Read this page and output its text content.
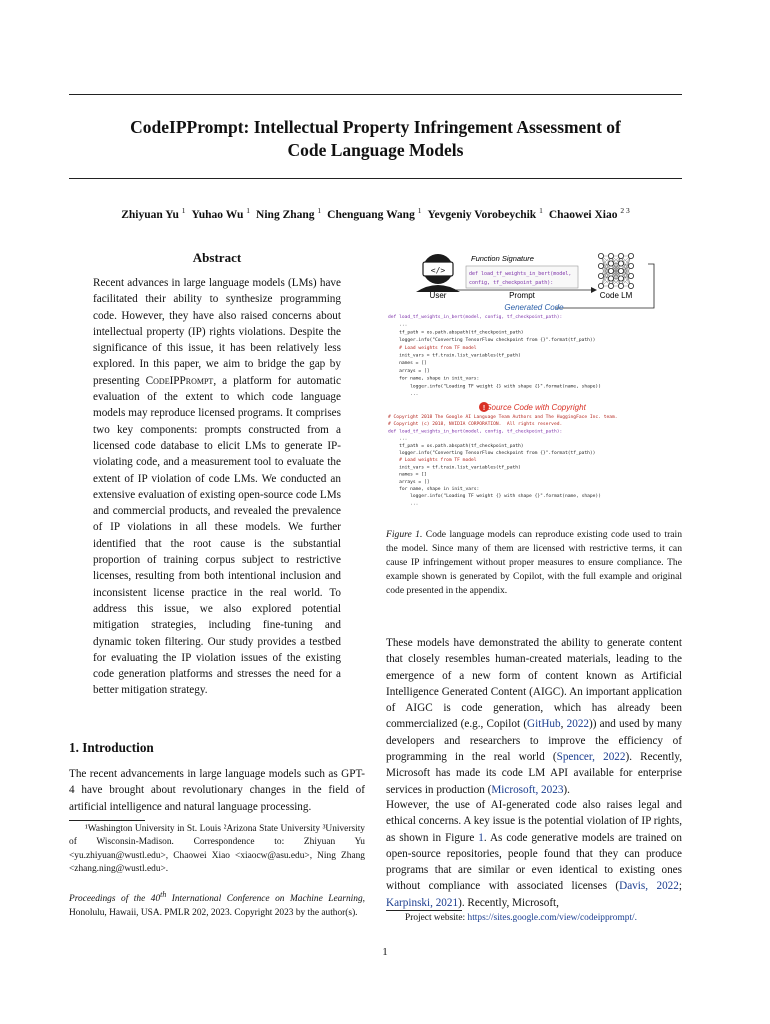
CodeIPPrompt: Intellectual Property Infringement Assessment of
Code Language Models
Zhiyuan Yu $^1$ Yuhao Wu $^1$ Ning Zhang $^1$ Chenguang Wang $^1$ Yevgeniy Vorobeychik $^1$ Chaowei Xiao $^{2 3}$
Abstract
Recent advances in large language models (LMs) have facilitated their ability to synthesize programming code. However, they have also raised concerns about intellectual property (IP) rights violations. Despite the significance of this issue, it has been relatively less explored. In this paper, we aim to bridge the gap by presenting CodeIPPrompt, a platform for automatic evaluation of the extent to which code language models may reproduce licensed programs. It comprises two key components: prompts constructed from a licensed code database to elicit LMs to generate IP-violating code, and a measurement tool to evaluate the extent of IP violation of code LMs. We conducted an extensive evaluation of existing open-source code LMs and commercial products, and revealed the prevalence of IP violations in all these models. We further identified that the root cause is the substantial proportion of training corpus subject to restrictive licenses, resulting from both intentional inclusion and inconsistent license practice in the real world. To address this issue, we also explored potential mitigation strategies, including fine-tuning and dynamic token filtering. Our study provides a testbed for evaluating the IP violation issues of the existing code generation platforms and stresses the need for a better mitigation strategy.
1. Introduction
The recent advancements in large language models such as GPT-4 have brought about revolutionary changes in the field of artificial intelligence and natural language processing.
¹Washington University in St. Louis ²Arizona State University ³University of Wisconsin-Madison. Correspondence to: Zhiyuan Yu <yu.zhiyuan@wustl.edu>, Chaowei Xiao <xiaocw@asu.edu>, Ning Zhang <zhang.ning@wustl.edu>.
Proceedings of the 40th International Conference on Machine Learning, Honolulu, Hawaii, USA. PMLR 202, 2023. Copyright 2023 by the author(s).
</>
User
Function Signature
def load_tf_weights_in_bert(model,
config, tf_checkpoint_path):
Prompt	Code LM
Generated Code
def load_tf_weights_in_bert(model, config, tf_checkpoint_path):
...
tf_path = os.path.abspath(tf_checkpoint_path)
logger.info("Converting TensorFlow checkpoint from {}".format(tf_path))
# Load weights from TF model
init_vars = tf.train.list_variables(tf_path)
names = []
arrays = []
for name, shape in init_vars:
logger.info("Loading TF weight {} with shape {}".format(name, shape))
...
! Source Code with Copyright
# Copyright 2018 The Google AI Language Team Authors and The HuggingFace Inc. team.
# Copyright (c) 2018, NVIDIA CORPORATION.  All rights reserved.
def load_tf_weights_in_bert(model, config, tf_checkpoint_path):
...
tf_path = os.path.abspath(tf_checkpoint_path)
logger.info("Converting TensorFlow checkpoint from {}".format(tf_path))
# Load weights from TF model
init_vars = tf.train.list_variables(tf_path)
names = []
arrays = []
for name, shape in init_vars:
logger.info("Loading TF weight {} with shape {}".format(name, shape))
...
Figure 1. Code language models can reproduce existing code used to train the model. Since many of them are licensed with restrictive terms, it can cause IP infringement without proper measures to ensure compliance. The example shown is generated by Copilot, with the full example and original code presented in the appendix.
These models have demonstrated the ability to generate content that closely resembles human-created materials, leading to the emergence of a new form of content known as Artificial Intelligence Generated Content (AIGC). An important application of AIGC is code generation, which has already been commercialized (e.g., Copilot (GitHub, 2022)) and used by many developers and researchers to improve the efficiency of programming in the real world (Spencer, 2022). Recently, Microsoft has made its code LM API available for enterprise services in production (Microsoft, 2023).
However, the use of AI-generated code also raises legal and ethical concerns. A key issue is the potential violation of IP rights, as shown in Figure 1. As code generative models are trained on open-source repositories, people found that they can produce programs that are similar or even identical to existing ones without compliance with associated licenses (Davis, 2022; Karpinski, 2021). Recently, Microsoft,
Project website: https://sites.google.com/view/codeipprompt/.
1
